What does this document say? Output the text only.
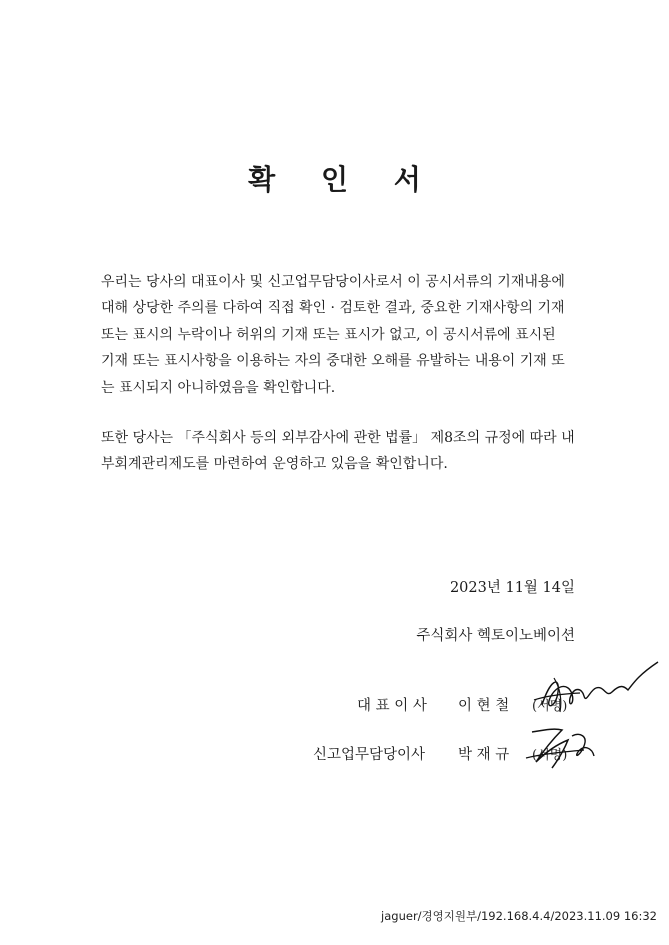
확 인 서

우리는 당사의 대표이사 및 신고업무담당이사로서 이 공시서류의 기재내용에

대해 상당한 주의를 다하여 직접 확인 · 검토한 결과, 중요한 기재사항의 기재

또는 표시의 누락이나 허위의 기재 또는 표시가 없고, 이 공시서류에 표시된

기재 또는 표시사항을 이용하는 자의 중대한 오해를 유발하는 내용이 기재 또

는 표시되지 아니하였음을 확인합니다.

또한 당사는 「주식회사 등의 외부감사에 관한 법률」 제8조의 규정에 따라 내

부회계관리제도를 마련하여 운영하고 있음을 확인합니다.

2023년 11월 14일
주식회사 헥토이노베이션
대 표 이 사 이 현 철 (서명)
신고업무담당이사 박 재 규 (서명)
jaguer/경영지원부/192.168.4.4/2023.11.09 16:32
